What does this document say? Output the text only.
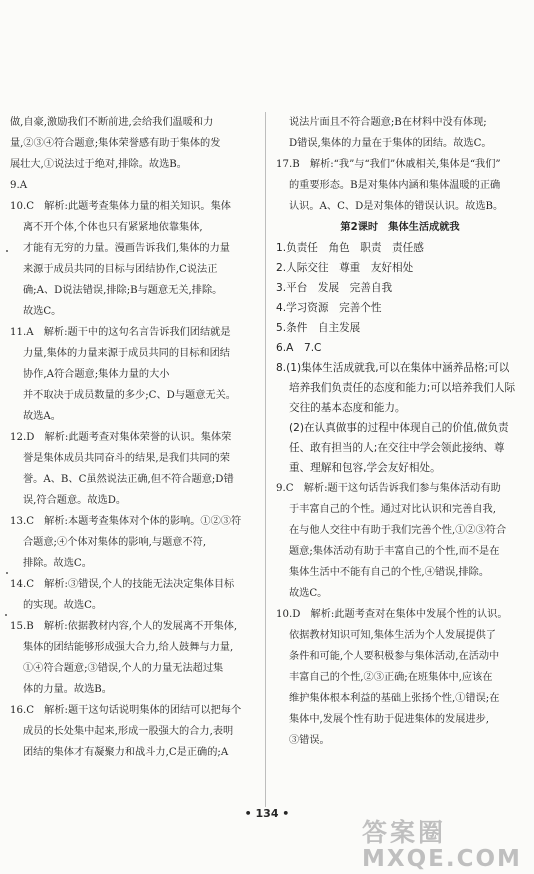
做,自豪,激励我们不断前进,会给我们温暖和力
量,②③④符合题意;集体荣誉感有助于集体的发
展壮大,①说法过于绝对,排除。故选B。
9.A
10.C　解析:此题考查集体力量的相关知识。集体
离不开个体,个体也只有紧紧地依靠集体,
才能有无穷的力量。漫画告诉我们,集体的力量
来源于成员共同的目标与团结协作,C说法正
确;A、D说法错误,排除;B与题意无关,排除。
故选C。
11.A　解析:题干中的这句名言告诉我们团结就是
力量,集体的力量来源于成员共同的目标和团结
协作,A符合题意;集体力量的大小
并不取决于成员数量的多少;C、D与题意无关。
故选A。
12.D　解析:此题考查对集体荣誉的认识。集体荣
誉是集体成员共同奋斗的结果,是我们共同的荣
誉。A、B、C虽然说法正确,但不符合题意;D错
误,符合题意。故选D。
13.C　解析:本题考查集体对个体的影响。①②③符
合题意;④个体对集体的影响,与题意不符,
排除。故选C。
14.C　解析:③错误,个人的技能无法决定集体目标
的实现。故选C。
15.B　解析:依据教材内容,个人的发展离不开集体,
集体的团结能够形成强大合力,给人鼓舞与力量,
①④符合题意;③错误,个人的力量无法超过集
体的力量。故选B。
16.C　解析:题干这句话说明集体的团结可以把每个
成员的长处集中起来,形成一股强大的合力,表明
团结的集体才有凝聚力和战斗力,C是正确的;A
说法片面且不符合题意;B在材料中没有体现;
D错误,集体的力量在于集体的团结。故选C。
17.B　解析:“我”与“我们”休戚相关,集体是“我们”
的重要形态。B是对集体内涵和集体温暖的正确
认识。A、C、D是对集体的错误认识。故选B。
第2课时　集体生活成就我
1.负责任　角色　职责　责任感
2.人际交往　尊重　友好相处
3.平台　发展　完善自我
4.学习资源　完善个性
5.条件　自主发展
6.A　7.C
8.(1)集体生活成就我,可以在集体中涵养品格;可以
培养我们负责任的态度和能力;可以培养我们人际
交往的基本态度和能力。
(2)在认真做事的过程中体现自己的价值,做负责
任、敢有担当的人;在交往中学会领此接纳、尊
重、理解和包容,学会友好相处。
9.C　解析:题干这句话告诉我们参与集体活动有助
于丰富自己的个性。通过对比认识和完善自我,
在与他人交往中有助于我们完善个性,①②③符合
题意;集体活动有助于丰富自己的个性,而不是在
集体生活中不能有自己的个性,④错误,排除。
故选C。
10.D　解析:此题考查对在集体中发展个性的认识。
依据教材知识可知,集体生活为个人发展提供了
条件和可能,个人要积极参与集体活动,在活动中
丰富自己的个性,②③正确;在班集体中,应该在
维护集体根本利益的基础上张扬个性,①错误;在
集体中,发展个性有助于促进集体的发展进步,
③错误。
• 134 •
答案圈
MXQE.COM
